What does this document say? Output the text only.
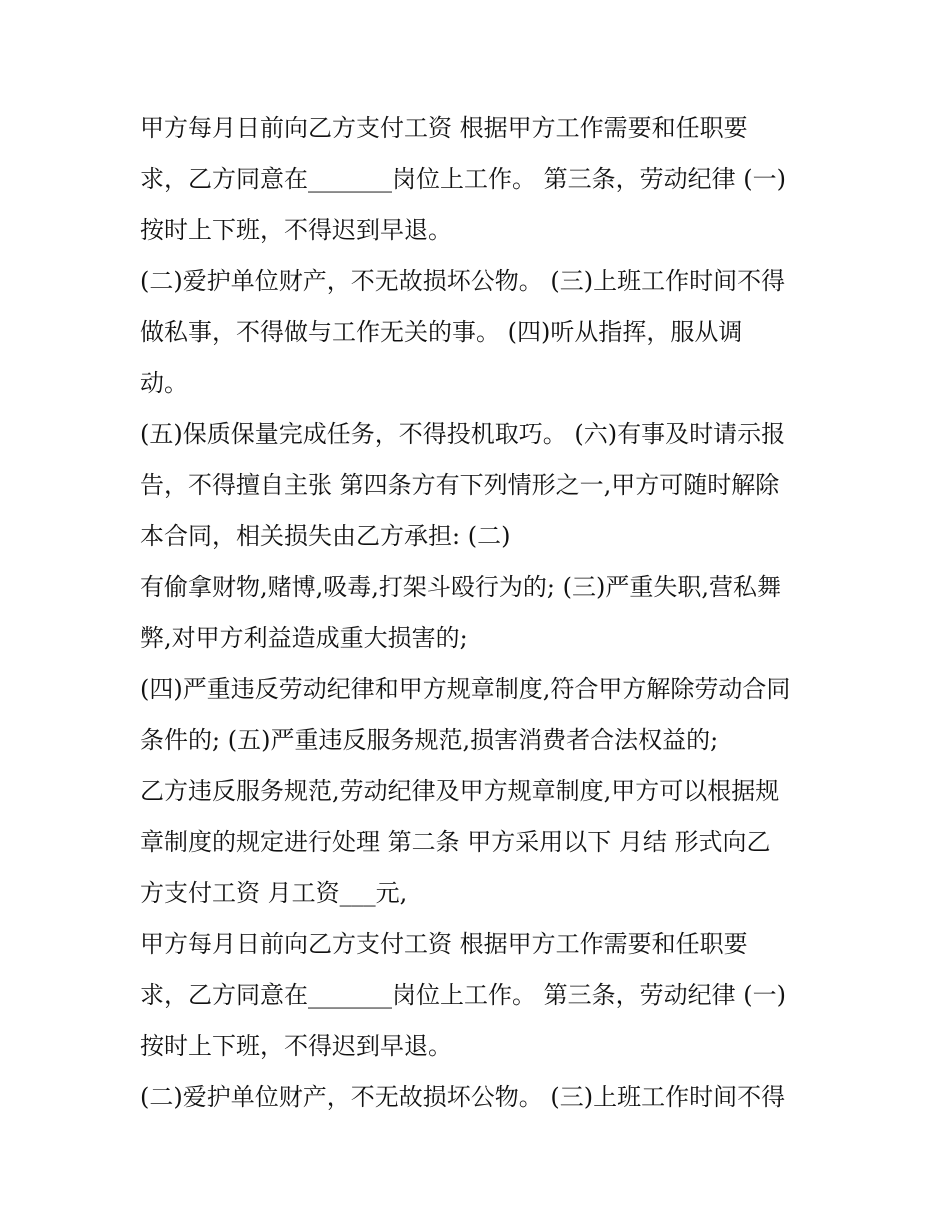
甲方每月日前向乙方支付工资 根据甲方工作需要和任职要
求，乙方同意在_______岗位上工作。 第三条，劳动纪律 (一)
按时上下班，不得迟到早退。
(二)爱护单位财产，不无故损坏公物。 (三)上班工作时间不得
做私事，不得做与工作无关的事。 (四)听从指挥，服从调
动。
(五)保质保量完成任务，不得投机取巧。 (六)有事及时请示报
告，不得擅自主张 第四条方有下列情形之一,甲方可随时解除
本合同，相关损失由乙方承担: (二)
有偷拿财物,赌博,吸毒,打架斗殴行为的; (三)严重失职,营私舞
弊,对甲方利益造成重大损害的;
(四)严重违反劳动纪律和甲方规章制度,符合甲方解除劳动合同
条件的; (五)严重违反服务规范,损害消费者合法权益的;
乙方违反服务规范,劳动纪律及甲方规章制度,甲方可以根据规
章制度的规定进行处理 第二条 甲方采用以下 月结 形式向乙
方支付工资 月工资___元,
甲方每月日前向乙方支付工资 根据甲方工作需要和任职要
求，乙方同意在_______岗位上工作。 第三条，劳动纪律 (一)
按时上下班，不得迟到早退。
(二)爱护单位财产，不无故损坏公物。 (三)上班工作时间不得
